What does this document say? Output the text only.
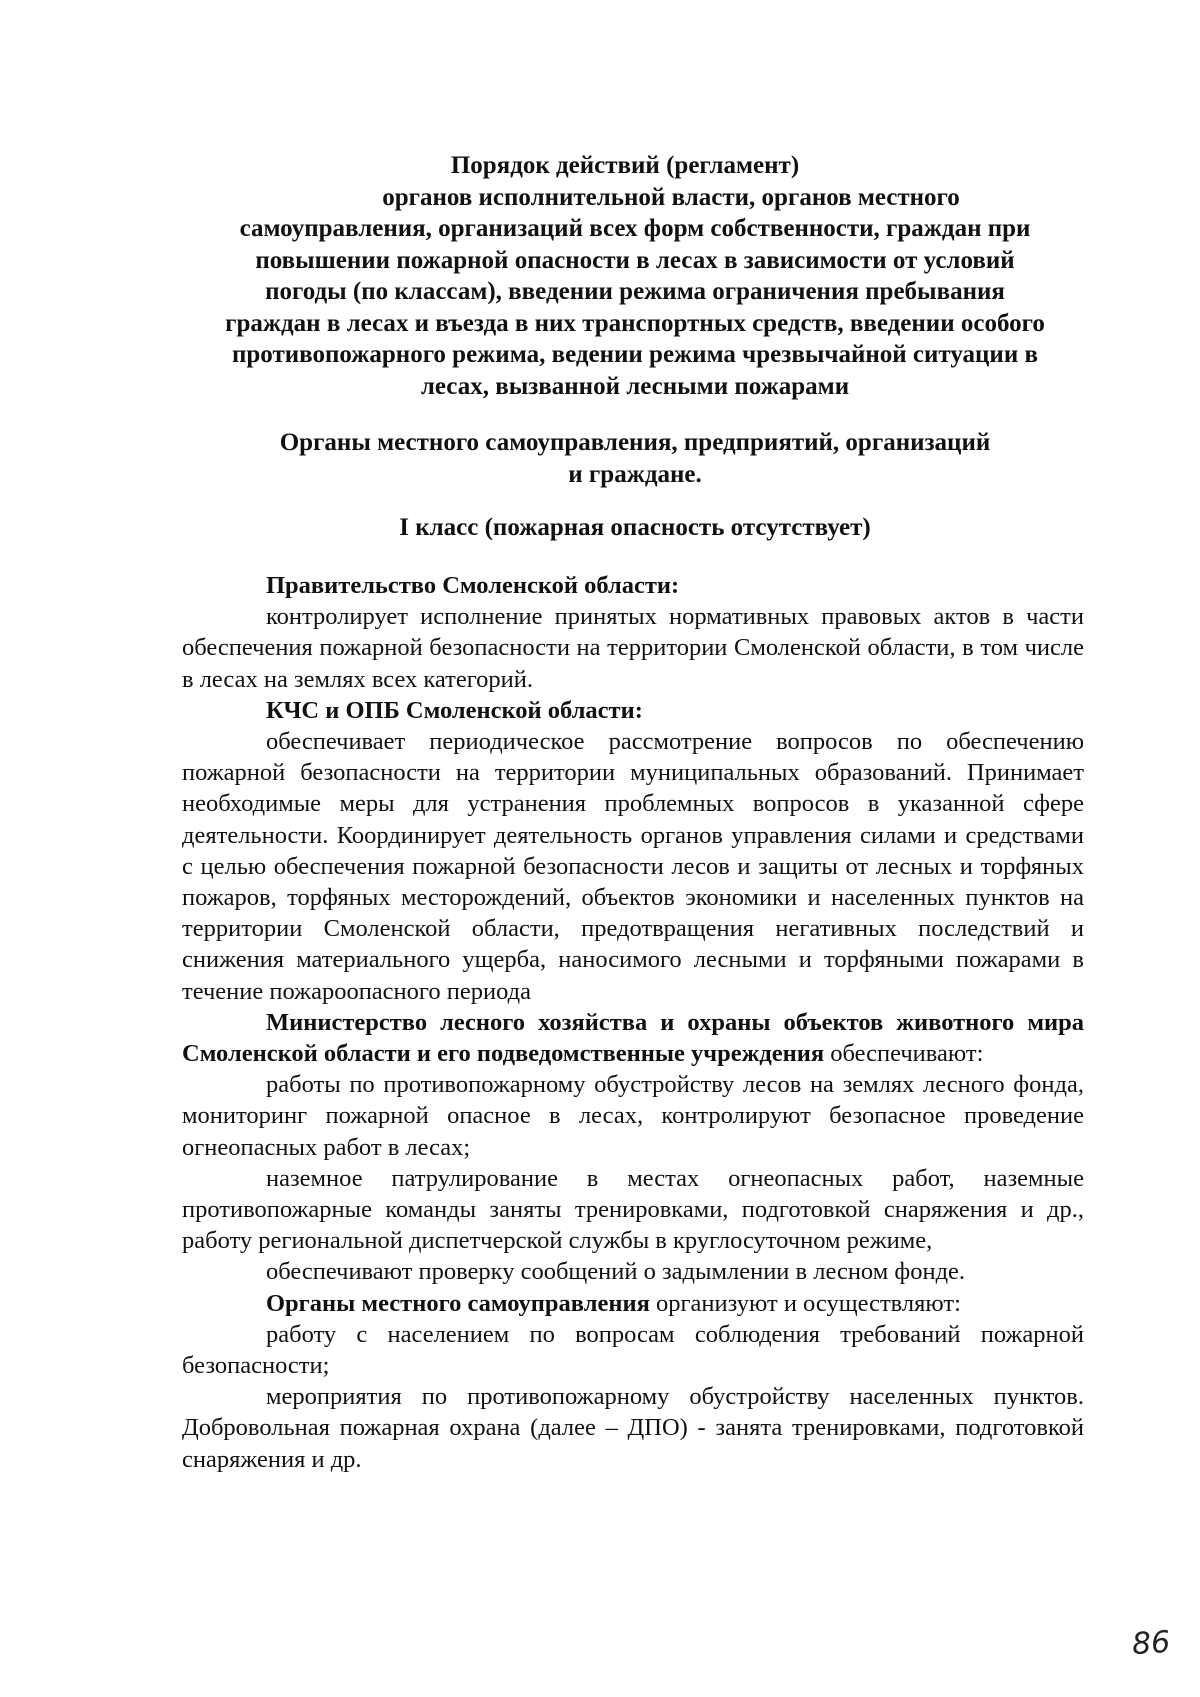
Порядок действий (регламент)
органов исполнительной власти, органов местного
самоуправления, организаций всех форм собственности, граждан при
повышении пожарной опасности в лесах в зависимости от условий
погоды (по классам), введении режима ограничения пребывания
граждан в лесах и въезда в них транспортных средств, введении особого
противопожарного режима, ведении режима чрезвычайной ситуации в
лесах, вызванной лесными пожарами
Органы местного самоуправления, предприятий, организаций
и граждане.
I класс (пожарная опасность отсутствует)

Правительство Смоленской области:

контролирует исполнение принятых нормативных правовых актов в части обеспечения пожарной безопасности на территории Смоленской области, в том числе в лесах на землях всех категорий.

КЧС и ОПБ Смоленской области:

обеспечивает периодическое рассмотрение вопросов по обеспечению пожарной безопасности на территории муниципальных образований. Принимает необходимые меры для устранения проблемных вопросов в указанной сфере деятельности. Координирует деятельность органов управления силами и средствами с целью обеспечения пожарной безопасности лесов и защиты от лесных и торфяных пожаров, торфяных месторождений, объектов экономики и населенных пунктов на территории Смоленской области, предотвращения негативных последствий и снижения материального ущерба, наносимого лесными и торфяными пожарами в течение пожароопасного периода

Министерство лесного хозяйства и охраны объектов животного мира Смоленской области и его подведомственные учреждения обеспечивают:

работы по противопожарному обустройству лесов на землях лесного фонда, мониторинг пожарной опасное в лесах, контролируют безопасное проведение огнеопасных работ в лесах;

наземное патрулирование в местах огнеопасных работ, наземные противопожарные команды заняты тренировками, подготовкой снаряжения и др., работу региональной диспетчерской службы в круглосуточном режиме,

обеспечивают проверку сообщений о задымлении в лесном фонде.

Органы местного самоуправления организуют и осуществляют:

работу с населением по вопросам соблюдения требований пожарной безопасности;

мероприятия по противопожарному обустройству населенных пунктов. Добровольная пожарная охрана (далее – ДПО) - занята тренировками, подготовкой снаряжения и др.

86
